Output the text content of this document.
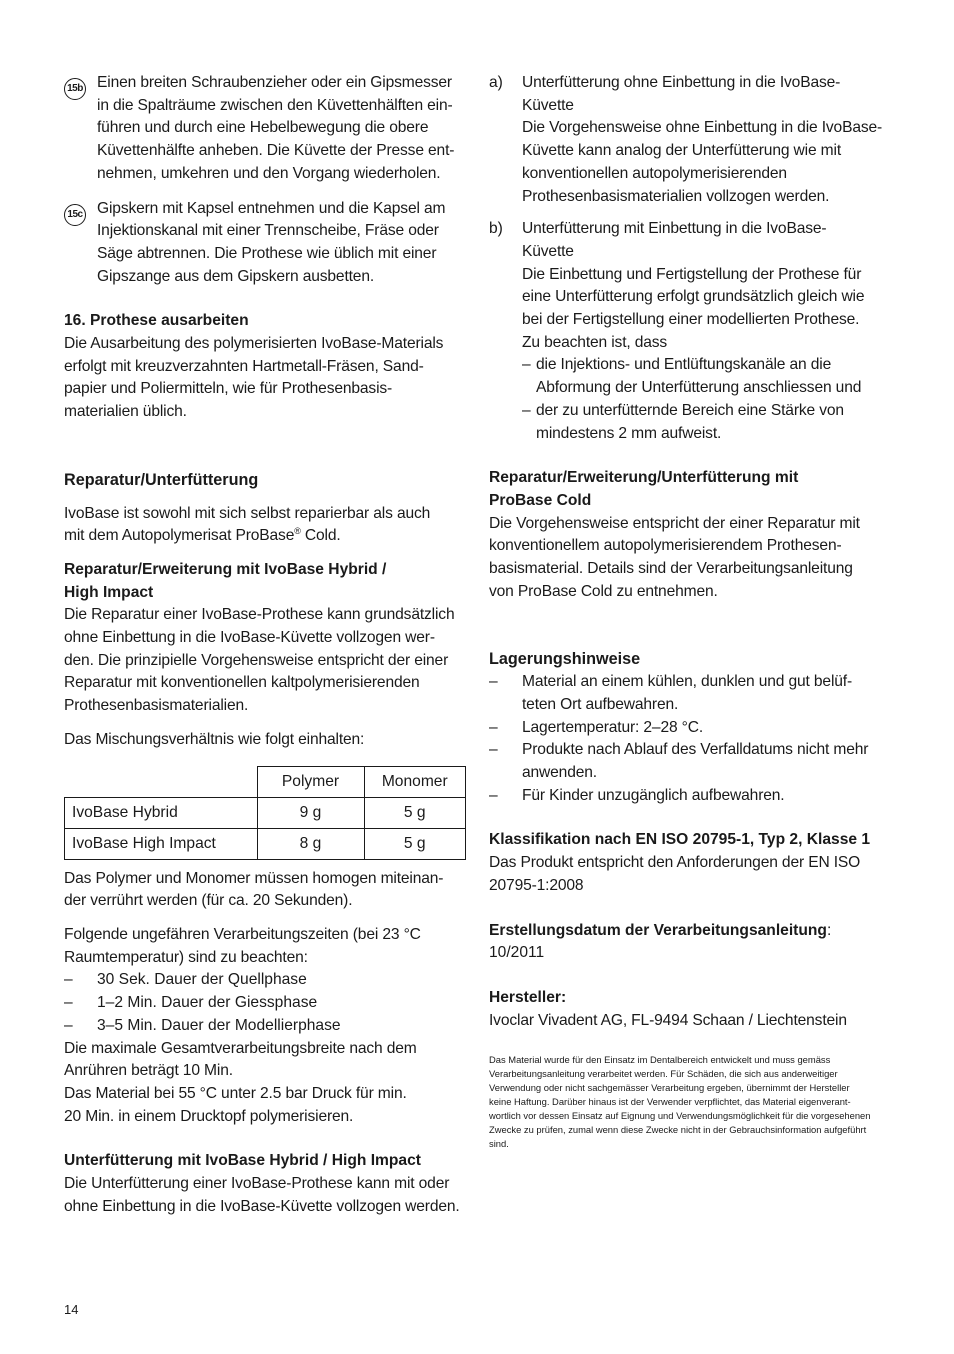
15b Einen breiten Schraubenzieher oder ein Gipsmesser

in die Spalträume zwischen den Küvettenhälften ein-

führen und durch eine Hebelbewegung die obere

Küvettenhälfte anheben. Die Küvette der Presse ent-

nehmen, umkehren und den Vorgang wiederholen.

15c Gipskern mit Kapsel entnehmen und die Kapsel am

Injektionskanal mit einer Trennscheibe, Fräse oder

Säge abtrennen. Die Prothese wie üblich mit einer

Gipszange aus dem Gipskern ausbetten.

16. Prothese ausarbeiten

Die Ausarbeitung des polymerisierten IvoBase-Materials

erfolgt mit kreuzverzahnten Hartmetall-Fräsen, Sand-

papier und Poliermitteln, wie für Prothesenbasis-

materialien üblich.

Reparatur/Unterfütterung

IvoBase ist sowohl mit sich selbst reparierbar als auch

mit dem Autopolymerisat ProBase® Cold.

Reparatur/Erweiterung mit IvoBase Hybrid /

High Impact

Die Reparatur einer IvoBase-Prothese kann grundsätzlich

ohne Einbettung in die IvoBase-Küvette vollzogen wer-

den. Die prinzipielle Vorgehensweise entspricht der einer

Reparatur mit konventionellen kaltpolymerisierenden

Prothesenbasismaterialien.

Das Mischungsverhältnis wie folgt einhalten:

	Polymer	Monomer
IvoBase Hybrid	9 g	5 g
IvoBase High Impact	8 g	5 g

Das Polymer und Monomer müssen homogen miteinan-

der verrührt werden (für ca. 20 Sekunden).

Folgende ungefähren Verarbeitungszeiten (bei 23 °C

Raumtemperatur) sind zu beachten:

– 30 Sek. Dauer der Quellphase

– 1–2 Min. Dauer der Giessphase

– 3–5 Min. Dauer der Modellierphase

Die maximale Gesamtverarbeitungsbreite nach dem

Anrühren beträgt 10 Min.

Das Material bei 55 °C unter 2.5 bar Druck für min.

20 Min. in einem Drucktopf polymerisieren.

Unterfütterung mit IvoBase Hybrid / High Impact

Die Unterfütterung einer IvoBase-Prothese kann mit oder

ohne Einbettung in die IvoBase-Küvette vollzogen werden.

a) Unterfütterung ohne Einbettung in die IvoBase-

Küvette

Die Vorgehensweise ohne Einbettung in die IvoBase-

Küvette kann analog der Unterfütterung wie mit

konventionellen autopolymerisierenden

Prothesenbasismaterialien vollzogen werden.

b) Unterfütterung mit Einbettung in die IvoBase-

Küvette

Die Einbettung und Fertigstellung der Prothese für

eine Unterfütterung erfolgt grundsätzlich gleich wie

bei der Fertigstellung einer modellierten Prothese.

Zu beachten ist, dass

– die Injektions- und Entlüftungskanäle an die

Abformung der Unterfütterung anschliessen und

– der zu unterfütternde Bereich eine Stärke von

mindestens 2 mm aufweist.

Reparatur/Erweiterung/Unterfütterung mit

ProBase Cold

Die Vorgehensweise entspricht der einer Reparatur mit

konventionellem autopolymerisierendem Prothesen-

basismaterial. Details sind der Verarbeitungsanleitung

von ProBase Cold zu entnehmen.

Lagerungshinweise

– Material an einem kühlen, dunklen und gut belüf-

teten Ort aufbewahren.

– Lagertemperatur: 2–28 °C.

– Produkte nach Ablauf des Verfalldatums nicht mehr

anwenden.

– Für Kinder unzugänglich aufbewahren.

Klassifikation nach EN ISO 20795-1, Typ 2, Klasse 1

Das Produkt entspricht den Anforderungen der EN ISO

20795-1:2008

Erstellungsdatum der Verarbeitungsanleitung:

10/2011

Hersteller:

Ivoclar Vivadent AG, FL-9494 Schaan / Liechtenstein

Das Material wurde für den Einsatz im Dentalbereich entwickelt und muss gemäss

Verarbeitungsanleitung verarbeitet werden. Für Schäden, die sich aus anderweitiger

Verwendung oder nicht sachgemässer Verarbeitung ergeben, übernimmt der Hersteller

keine Haftung. Darüber hinaus ist der Verwender verpflichtet, das Material eigenverant-

wortlich vor dessen Einsatz auf Eignung und Verwendungsmöglichkeit für die vorgesehenen

Zwecke zu prüfen, zumal wenn diese Zwecke nicht in der Gebrauchsinformation aufgeführt

sind.

14
